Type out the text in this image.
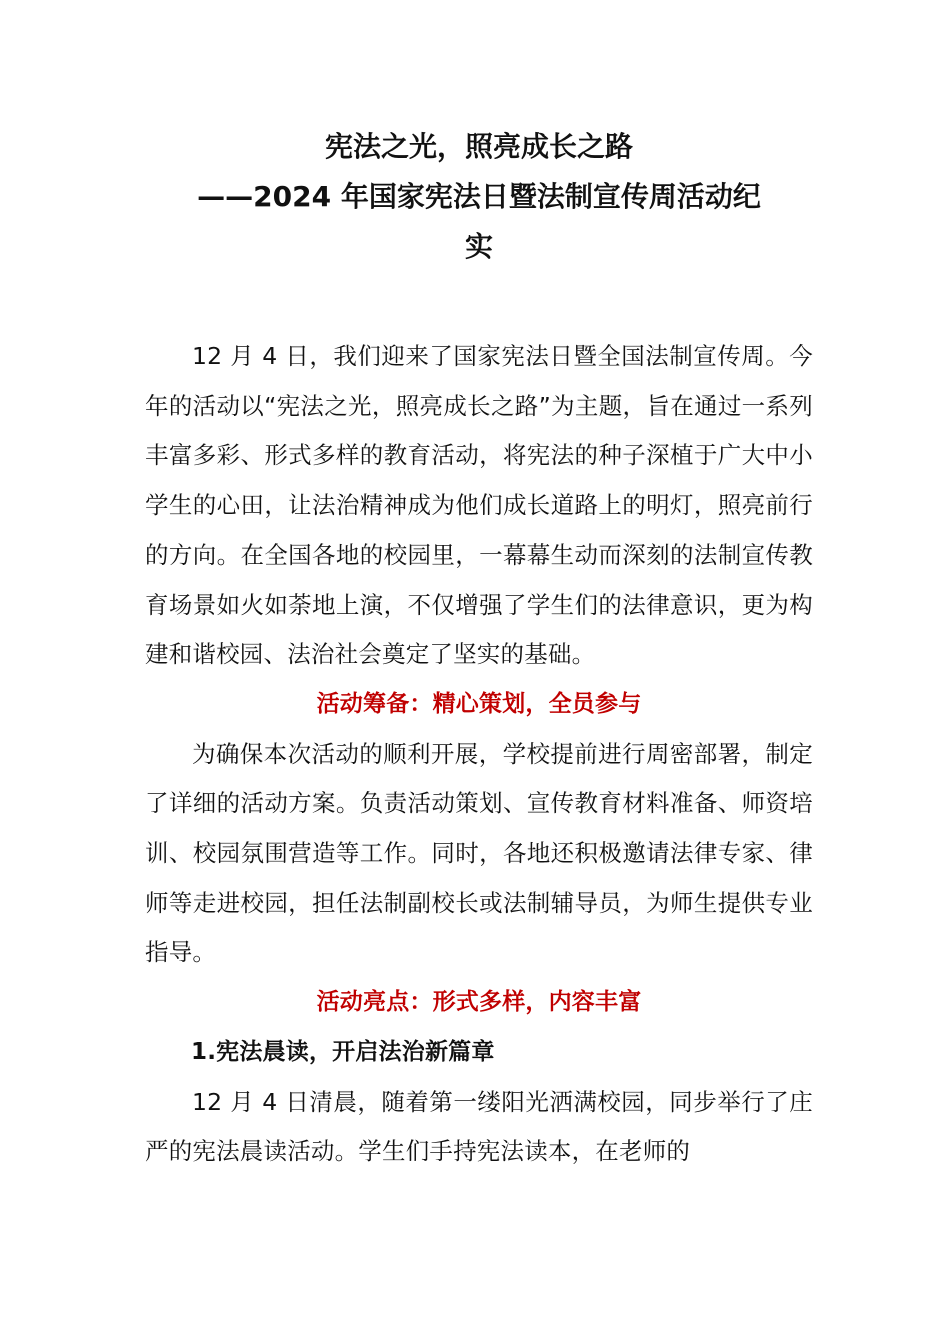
宪法之光，照亮成长之路
——2024 年国家宪法日暨法制宣传周活动纪
实

12 月 4 日，我们迎来了国家宪法日暨全国法制宣传周。今年的活动以“宪法之光，照亮成长之路”为主题，旨在通过一系列丰富多彩、形式多样的教育活动，将宪法的种子深植于广大中小学生的心田，让法治精神成为他们成长道路上的明灯，照亮前行的方向。在全国各地的校园里，一幕幕生动而深刻的法制宣传教育场景如火如荼地上演，不仅增强了学生们的法律意识，更为构建和谐校园、法治社会奠定了坚实的基础。

活动筹备：精心策划，全员参与

为确保本次活动的顺利开展，学校提前进行周密部署，制定了详细的活动方案。负责活动策划、宣传教育材料准备、师资培训、校园氛围营造等工作。同时，各地还积极邀请法律专家、律师等走进校园，担任法制副校长或法制辅导员，为师生提供专业指导。

活动亮点：形式多样，内容丰富

1.宪法晨读，开启法治新篇章

12 月 4 日清晨，随着第一缕阳光洒满校园，同步举行了庄严的宪法晨读活动。学生们手持宪法读本，在老师的
